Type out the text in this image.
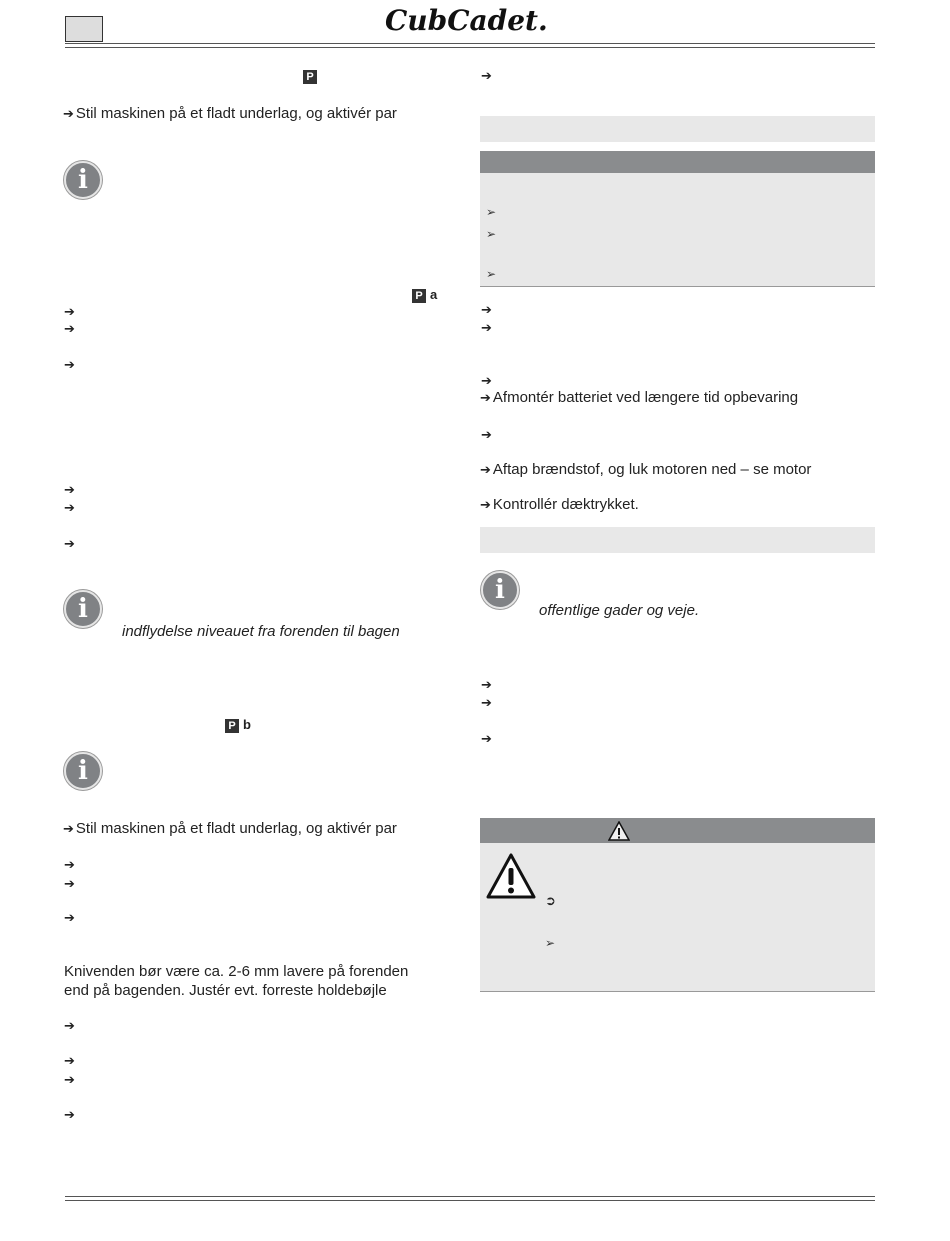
CubCadet.
P
➔ Stil maskinen på et fladt underlag, og aktivér par
i
P a
➔
➔
➔
➔
➔
➔
i
indflydelse niveauet fra forenden til bagen
P b
i
➔ Stil maskinen på et fladt underlag, og aktivér par
➔
➔
➔
Knivenden bør være ca. 2-6 mm lavere på forenden
end på bagenden. Justér evt. forreste holdebøjle
➔
➔
➔
➔
➔
➢
➢
➢
➔
➔
➔
➔ Afmontér batteriet ved længere tid opbevaring
➔
➔ Aftap brændstof, og luk motoren ned – se motor
➔ Kontrollér dæktrykket.
i
offentlige gader og veje.
➔
➔
➔
➲
➢
